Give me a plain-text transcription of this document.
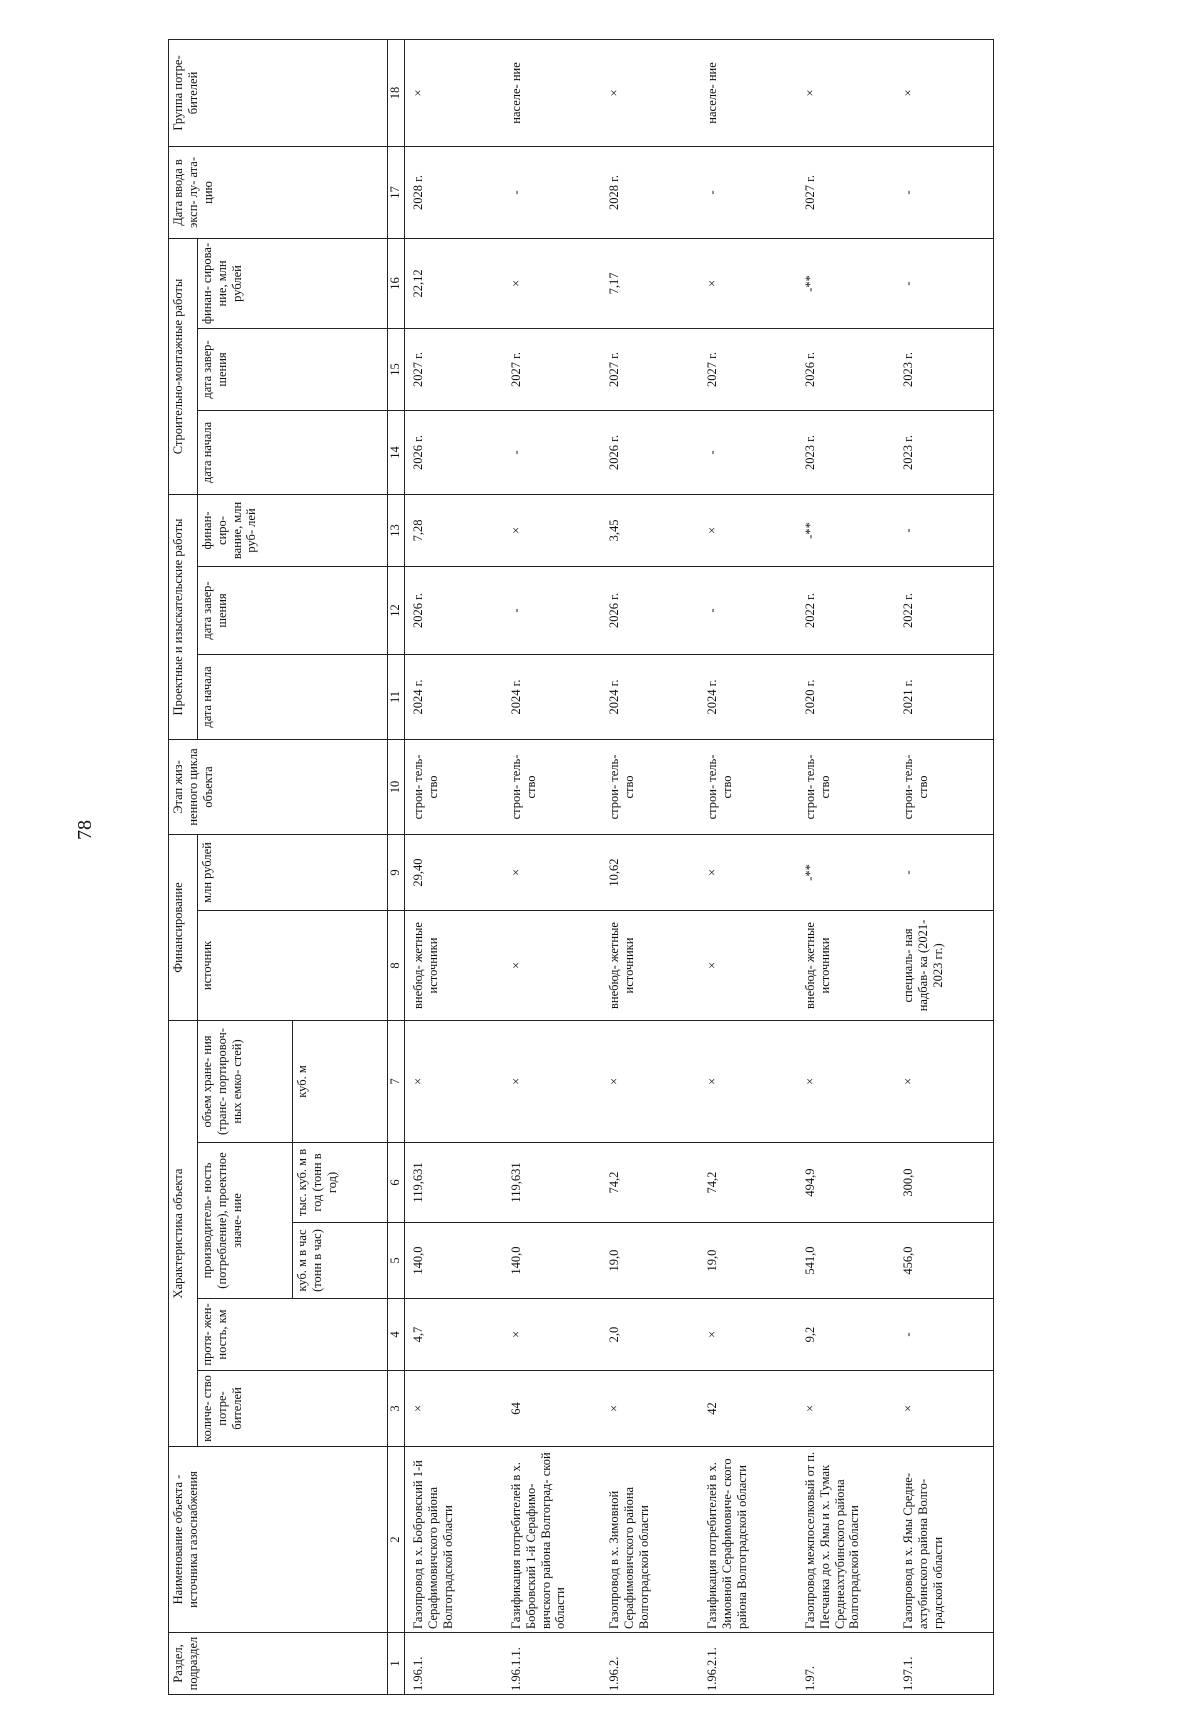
78
Раздел, подраздел	Наименование объекта - источника газоснабжения	Характеристика объекта					Финансирование		Этап жиз- ненного цикла объекта	Проектные и изыскательские работы			Строительно-монтажные работы			Дата ввода в эксп- лу- ата- цию	Группа потре- бителей
		количе- ство потре- бителей	протя- жен- ность, км	производитель- ность (потребление), проектное значе- ние		объем хране- ния (транс- портировоч- ных емко- стей)	источник	млн рублей		дата начала	дата завер- шения	финан- сиро- вание, млн руб- лей	дата начала	дата завер- шения	финан- сирова- ние, млн рублей		
				куб. м в час (тонн в час)	тыс. куб. м в год (тонн в год)	куб. м											
1	2	3	4	5	6	7	8	9	10	11	12	13	14	15	16	17	18
1.96.1.	Газопровод в х. Бобровский 1-й Серафимовичского района Волгоградской области	×	4,7	140,0	119,631	×	внебюд- жетные источники	29,40	строи- тель- ство	2024 г.	2026 г.	7,28	2026 г.	2027 г.	22,12	2028 г.	×
1.96.1.1.	Газификация потребителей в х. Бобровский 1-й Серафимо- вичского района Волгоград- ской области	64	×	140,0	119,631	×	×	×	строи- тель- ство	2024 г.	-	×	-	2027 г.	×	-	населе- ние
1.96.2.	Газопровод в х. Зимовной Серафимовичского района Волгоградской области	×	2,0	19,0	74,2	×	внебюд- жетные источники	10,62	строи- тель- ство	2024 г.	2026 г.	3,45	2026 г.	2027 г.	7,17	2028 г.	×
1.96.2.1.	Газификация потребителей в х. Зимовной Серафимовиче- ского района Волгоградской области	42	×	19,0	74,2	×	×	×	строи- тель- ство	2024 г.	-	×	-	2027 г.	×	-	населе- ние
1.97.	Газопровод межпоселковый от п. Песчанка до х. Ямы и х. Тумак Среднеахтубинского района Волгоградской области	×	9,2	541,0	494,9	×	внебюд- жетные источники	-**	строи- тель- ство	2020 г.	2022 г.	-**	2023 г.	2026 г.	-**	2027 г.	×
1.97.1.	Газопровод в х. Ямы Средне- ахтубинского района Волго- градской области	×	-	456,0	300,0	×	специаль- ная надбав- ка (2021- 2023 гг.)	-	строи- тель- ство	2021 г.	2022 г.	-	2023 г.	2023 г.	-	-	×
